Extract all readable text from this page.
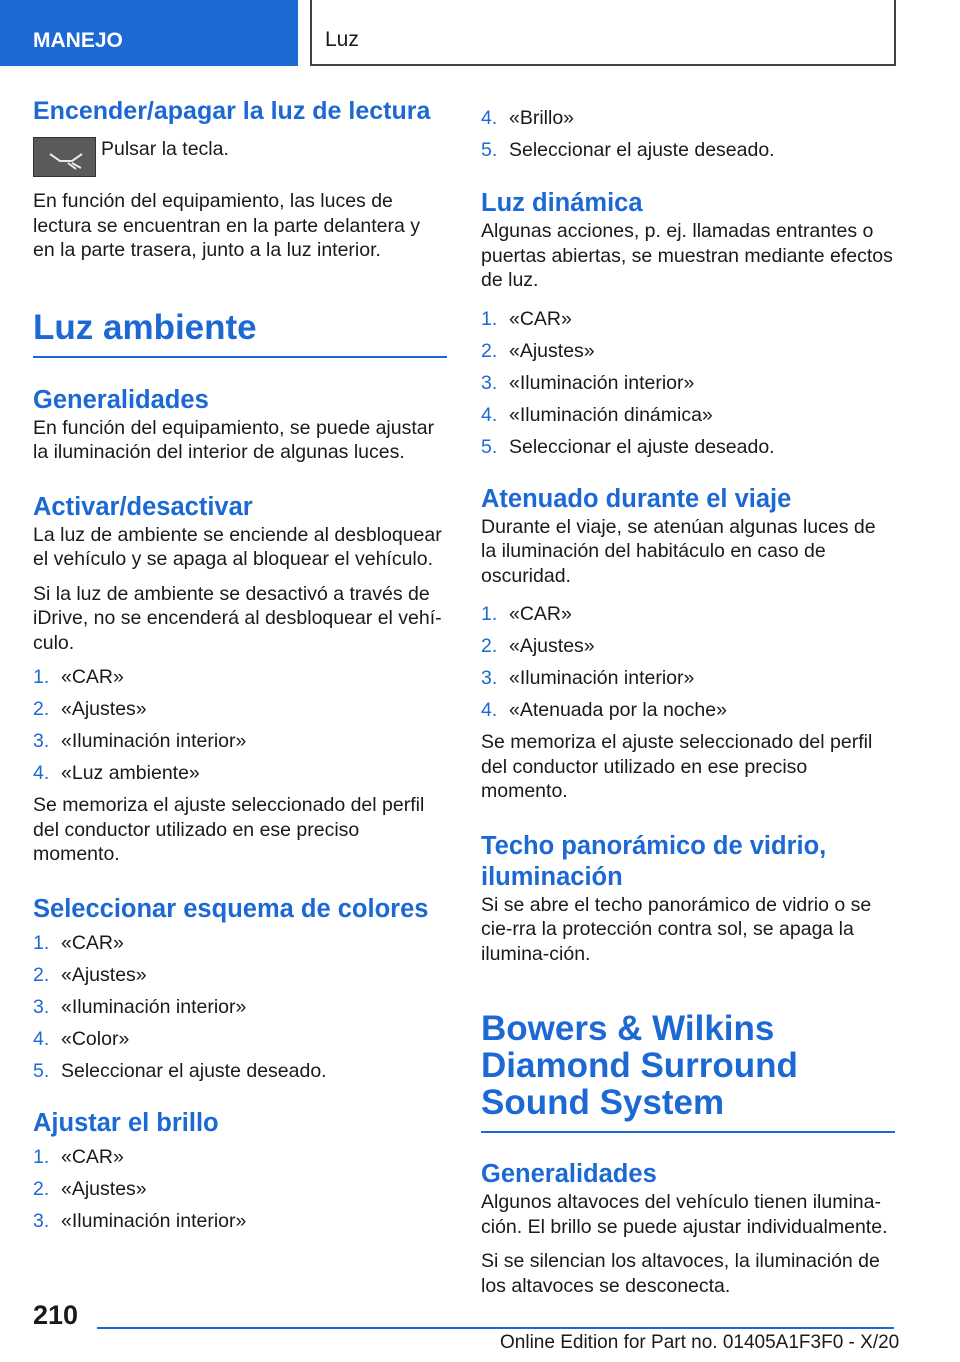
MANEJO	Luz
Encender/apagar la luz de lectura

Pulsar la tecla.

En función del equipamiento, las luces de lectura se encuentran en la parte delantera y en la parte trasera, junto a la luz interior.

Luz ambiente
Generalidades

En función del equipamiento, se puede ajustar la iluminación del interior de algunas luces.

Activar/desactivar

La luz de ambiente se enciende al desbloquear el vehículo y se apaga al bloquear el vehículo.

Si la luz de ambiente se desactivó a través de iDrive, no se encenderá al desbloquear el vehí-culo.

1. «CAR»
2. «Ajustes»
3. «Iluminación interior»
4. «Luz ambiente»

Se memoriza el ajuste seleccionado del perfil del conductor utilizado en ese preciso momento.

Seleccionar esquema de colores
1. «CAR»
2. «Ajustes»
3. «Iluminación interior»
4. «Color»
5. Seleccionar el ajuste deseado.
Ajustar el brillo
1. «CAR»
2. «Ajustes»
3. «Iluminación interior»
4. «Brillo»
5. Seleccionar el ajuste deseado.
Luz dinámica

Algunas acciones, p. ej. llamadas entrantes o puertas abiertas, se muestran mediante efectos de luz.

1. «CAR»
2. «Ajustes»
3. «Iluminación interior»
4. «Iluminación dinámica»
5. Seleccionar el ajuste deseado.
Atenuado durante el viaje

Durante el viaje, se atenúan algunas luces de la iluminación del habitáculo en caso de oscuridad.

1. «CAR»
2. «Ajustes»
3. «Iluminación interior»
4. «Atenuada por la noche»

Se memoriza el ajuste seleccionado del perfil del conductor utilizado en ese preciso momento.

Techo panorámico de vidrio, iluminación

Si se abre el techo panorámico de vidrio o se cie-rra la protección contra sol, se apaga la ilumina-ción.

Bowers & Wilkins Diamond Surround Sound System
Generalidades

Algunos altavoces del vehículo tienen ilumina-ción. El brillo se puede ajustar individualmente.

Si se silencian los altavoces, la iluminación de los altavoces se desconecta.

210
Online Edition for Part no. 01405A1F3F0 - X/20
